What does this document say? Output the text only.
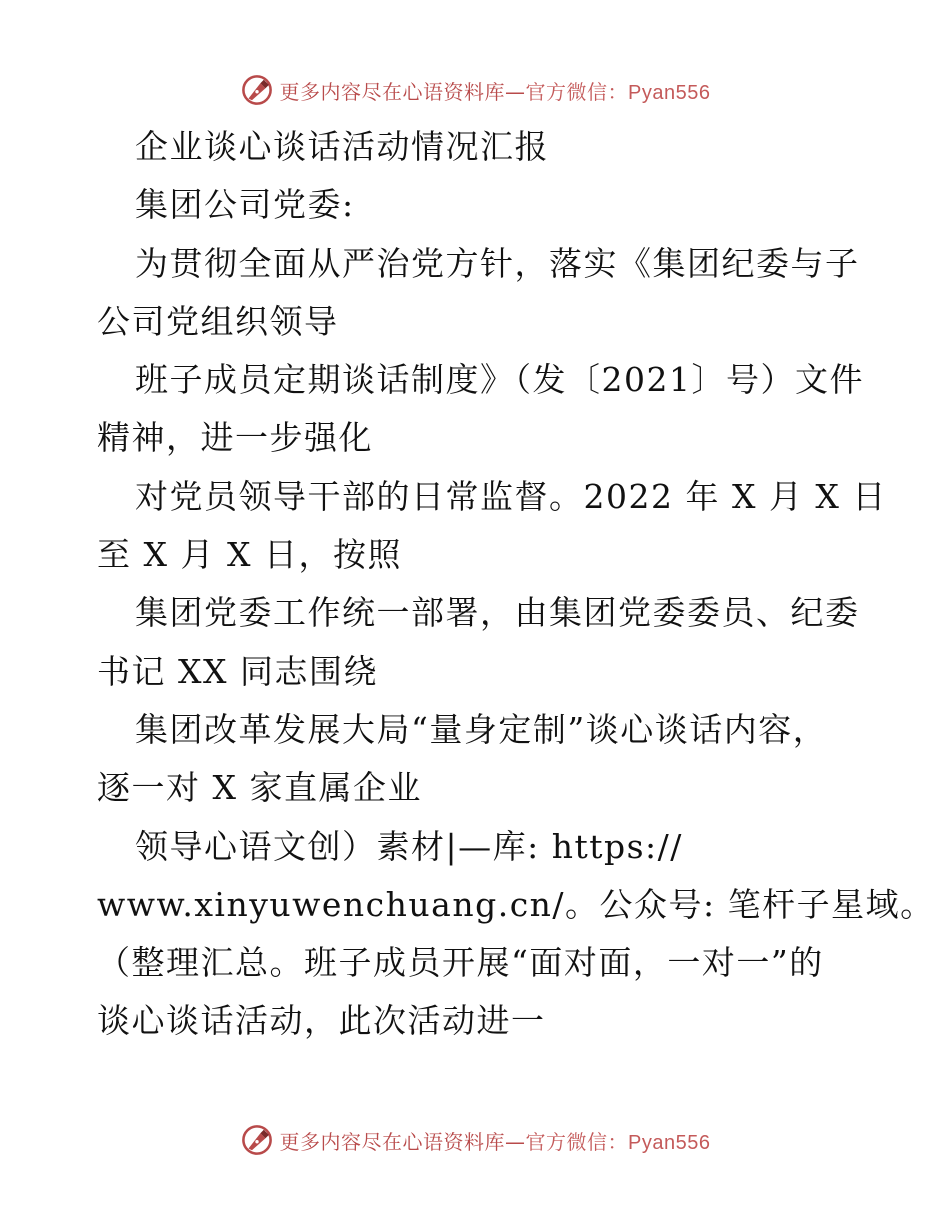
更多内容尽在心语资料库—官方微信：Pyan556
企业谈心谈话活动情况汇报
集团公司党委:
为贯彻全面从严治党方针，落实《集团纪委与子
公司党组织领导
班子成员定期谈话制度》（发〔2021〕号）文件
精神，进一步强化
对党员领导干部的日常监督。2022 年 X 月 X 日
至 X 月 X 日，按照
集团党委工作统一部署，由集团党委委员、纪委
书记 XX 同志围绕
集团改革发展大局“量身定制”谈心谈话内容，
逐一对 X 家直属企业
领导心语文创）素材|—库: https://
www.xinyuwenchuang.cn/。公众号: 笔杆子星域。
（整理汇总。班子成员开展“面对面，一对一”的
谈心谈话活动，此次活动进一
更多内容尽在心语资料库—官方微信：Pyan556
